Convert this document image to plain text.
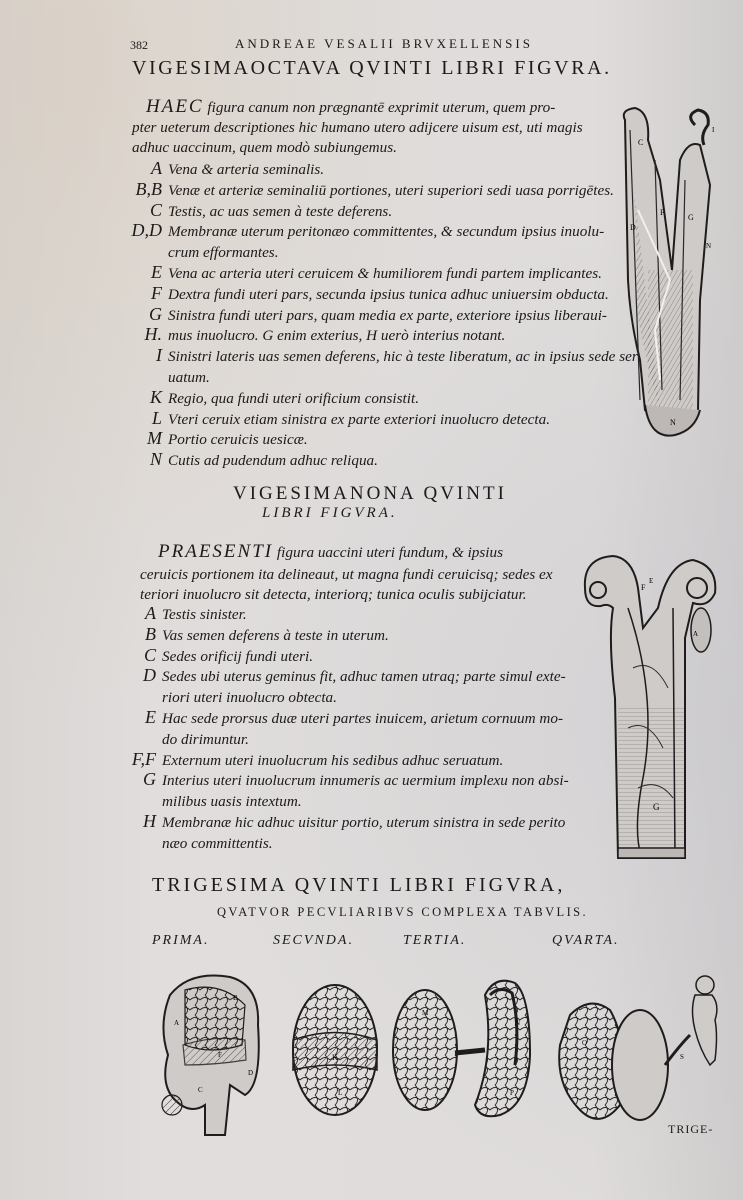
382	ANDREAE VESALII BRVXELLENSIS
VIGESIMAOCTAVA QVINTI LIBRI FIGVRA.
HAEC figura canum non prægnantē exprimit uterum, quem pro-
pter ueterum descriptiones hic humano utero adijcere uisum est, uti magis
adhuc uaccinum, quem modò subiungemus.
A Vena & arteria seminalis.
B,B Venæ et arteriæ seminaliū portiones, uteri superiori sedi uasa porrigētes.
C Testis, ac uas semen à teste deferens.
D,D Membranæ uterum peritonæo committentes, & secundum ipsius inuolu-
crum efformantes.
E Vena ac arteria uteri ceruicem & humiliorem fundi partem implicantes.
F Dextra fundi uteri pars, secunda ipsius tunica adhuc uniuersim obducta.
G Sinistra fundi uteri pars, quam media ex parte, exteriore ipsius liberaui-
H. mus inuolucro. G enim exterius, H uerò interius notant.
I Sinistri lateris uas semen deferens, hic à teste liberatum, ac in ipsius sede ser
uatum.
K Regio, qua fundi uteri orificium consistit.
L Vteri ceruix etiam sinistra ex parte exteriori inuolucro detecta.
M Portio ceruicis uesicæ.
N Cutis ad pudendum adhuc reliqua.
D
F
G
N
C
I
N
VIGESIMANONA QVINTI
LIBRI FIGVRA.
PRAESENTI figura uaccini uteri fundum, & ipsius
ceruicis portionem ita delineaut, ut magna fundi ceruicisq; sedes ex
teriori inuolucro sit detecta, interiorq; tunica oculis subijciatur.
A Testis sinister.
B Vas semen deferens à teste in uterum.
C Sedes orificij fundi uteri.
D Sedes ubi uterus geminus fit, adhuc tamen utraq; parte simul exte-
riori uteri inuolucro obtecta.
E Hac sede prorsus duæ uteri partes inuicem, arietum cornuum mo-
do dirimuntur.
F,F Externum uteri inuolucrum his sedibus adhuc seruatum.
G Interius uteri inuolucrum innumeris ac uermium implexu non absi-
milibus uasis intextum.
H Membranæ hic adhuc uisitur portio, uterum sinistra in sede perito
næo committentis.
F
E
G
A
TRIGESIMA QVINTI LIBRI FIGVRA,
QVATVOR PECVLIARIBVS COMPLEXA TABVLIS.
PRIMA.	SECVNDA.	TERTIA.	QVARTA.
A
B
C
D
F	K
L
M
N
P
O
S
TRIGE-
